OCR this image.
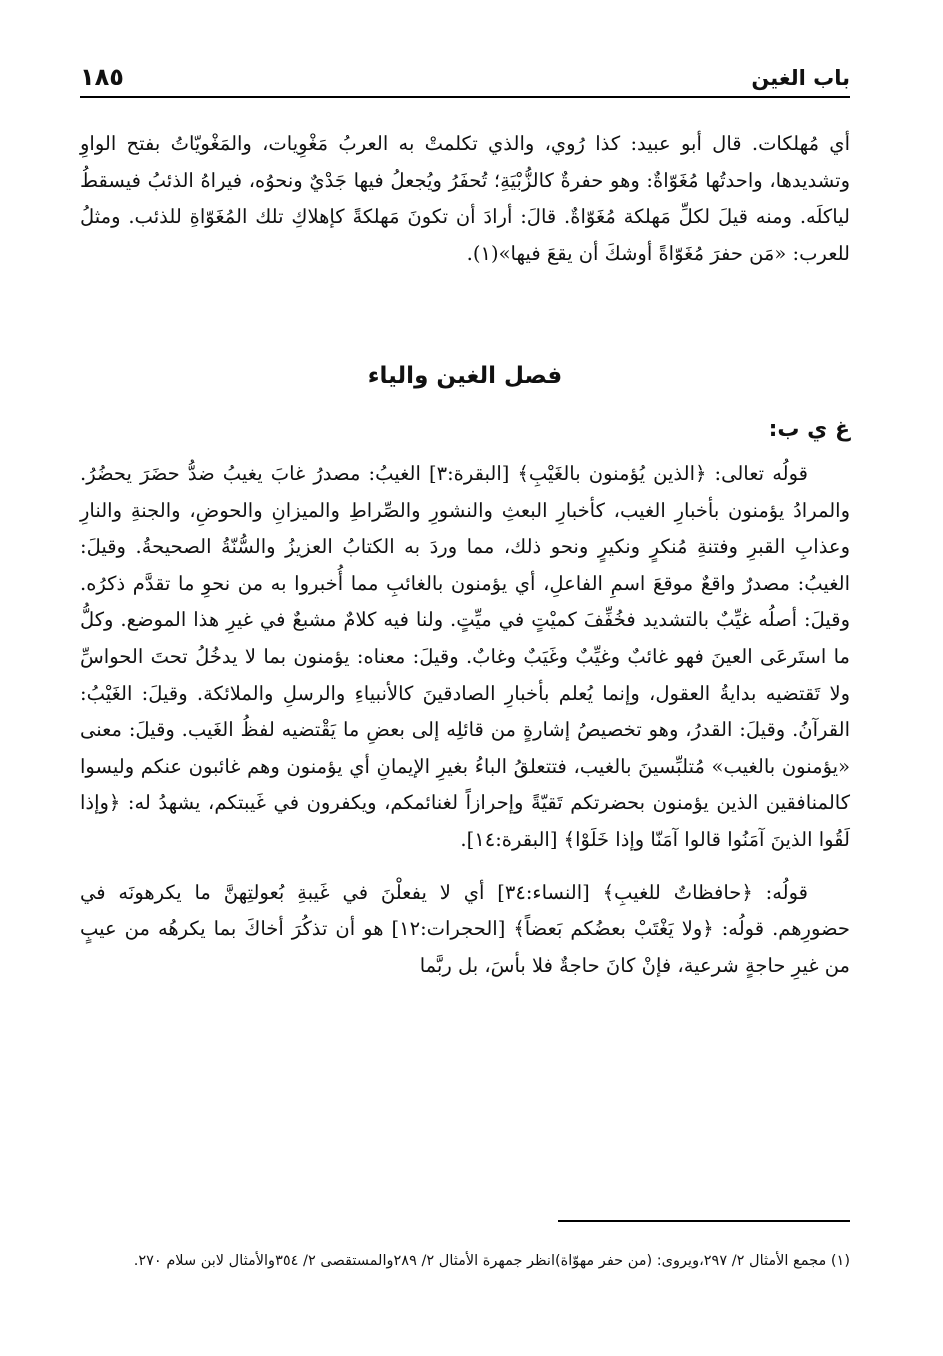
باب الغين
١٨٥

أي مُهلكات. قال أبو عبيد: كذا رُوي، والذي تكلمتْ به العربُ مَغْوِيات، والمَغْويّاتُ بفتح الواوِ وتشديدها، واحدتُها مُغَوّاةٌ: وهو حفرةٌ كالزُّبْيَةِ؛ تُحفَرُ ويُجعلُ فيها جَدْيٌ ونحوُه، فيراهُ الذئبُ فيسقطُ لياكلَه. ومنه قيلَ لكلِّ مَهلكة مُغَوّاةٌ. قالَ: أرادَ أن تكونَ مَهلكةً كإهلاكِ تلك المُغَوّاةِ للذئب. ومثلُ للعرب: «مَن حفرَ مُغَوّاةً أوشكَ أن يقعَ فيها»(١).

فصل الغين والياء
غ ي ب:

قولُه تعالى: ﴿الذين يُؤمنون بالغَيْبِ﴾ [البقرة:٣] الغيبُ: مصدرُ غابَ يغيبُ ضدُّ حضَرَ يحضُرُ. والمرادُ يؤمنون بأخبارِ الغيب، كأخبارِ البعثِ والنشورِ والصِّراطِ والميزانِ والحوضِ، والجنةِ والنارِ وعذابِ القبرِ وفتنةِ مُنكرٍ ونكيرٍ ونحو ذلك، مما وردَ به الكتابُ العزيزُ والسُّنّةُ الصحيحةُ. وقيلَ: الغيبُ: مصدرٌ واقعٌ موقعَ اسمِ الفاعلِ، أي يؤمنون بالغائبِ مما أُخبروا به من نحوِ ما تقدَّم ذكرُه. وقيلَ: أصلُه غيِّبٌ بالتشديد فخُفِّفَ كميْتٍ في ميِّتٍ. ولنا فيه كلامٌ مشبعٌ في غيرِ هذا الموضع. وكلُّ ما استَرعَى العينَ فهو غائبٌ وغيِّبٌ وغَيَبٌ وغابٌ. وقيلَ: معناه: يؤمنون بما لا يدخُلُ تحتَ الحواسِّ ولا تَقتضيه بدايةُ العقول، وإنما يُعلم بأخبارِ الصادقينَ كالأنبياءِ والرسلِ والملائكة. وقيلَ: الغَيْبُ: القرآنُ. وقيلَ: القدرُ، وهو تخصيصُ إشارةٍ من قائلِه إلى بعضِ ما يَقْتضيه لفظُ الغَيب. وقيلَ: معنى «يؤمنون بالغيب» مُتلبِّسينَ بالغيب، فتتعلقُ الباءُ بغيرِ الإيمانِ أي يؤمنون وهم غائبون عنكم وليسوا كالمنافقين الذين يؤمنون بحضرتكم تَقيّةً وإحرازاً لغنائمكم، ويكفرون في غَيبتكم، يشهدُ له: ﴿وإذا لَقُوا الذينَ آمَنُوا قالوا آمَنّا وإذا خَلَوْا﴾ [البقرة:١٤].

قولُه: ﴿حافظاتٌ للغيبِ﴾ [النساء:٣٤] أي لا يفعلْنَ في غَيبةِ بُعولتِهنَّ ما يكرهونَه في حضورِهم. قولُه: ﴿ولا يَغْتَبْ بعضُكم بَعضاً﴾ [الحجرات:١٢] هو أن تذكُرَ أخاكَ بما يكرهُه من عيبٍ من غيرِ حاجةٍ شرعية، فإنْ كانَ حاجةٌ فلا بأسَ، بل ربَّما

(١) مجمع الأمثال ٢/ ٢٩٧،ويروى: (من حفر مهوّاة)انظر جمهرة الأمثال ٢/ ٢٨٩والمستقصى ٢/ ٣٥٤والأمثال لابن سلام ٢٧٠.
